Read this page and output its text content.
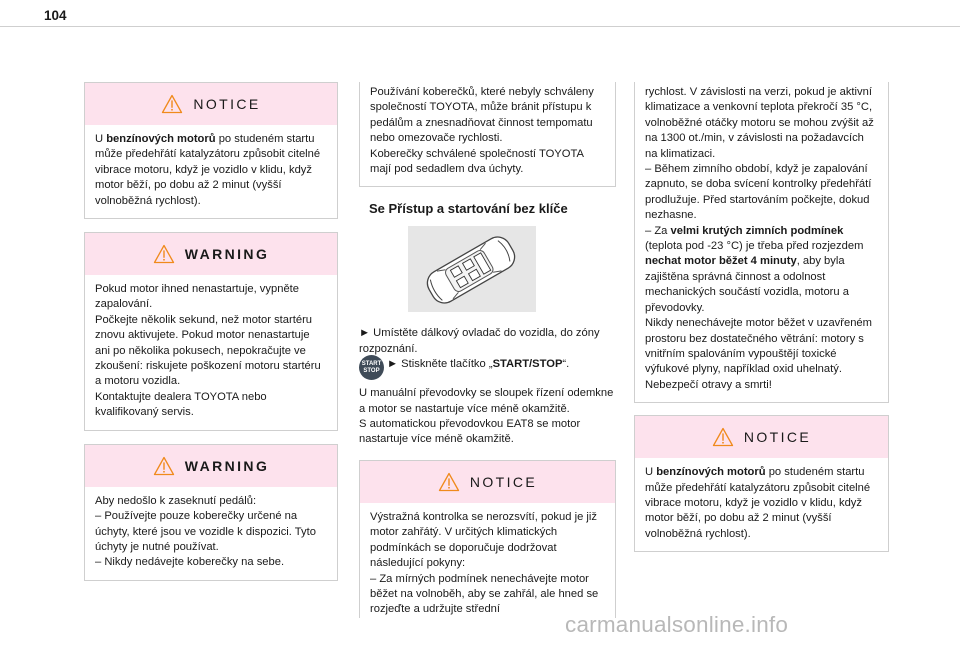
104
NOTICE

U benzínových motorů po studeném startu může předehřátí katalyzátoru způsobit citelné vibrace motoru, když je vozidlo v klidu, když motor běží, po dobu až 2 minut (vyšší volnoběžná rychlost).

WARNING

Pokud motor ihned nenastartuje, vypněte zapalování.

Počkejte několik sekund, než motor startéru znovu aktivujete. Pokud motor nenastartuje ani po několika pokusech, nepokračujte ve zkoušení: riskujete poškození motoru startéru a motoru vozidla.

Kontaktujte dealera TOYOTA nebo kvalifikovaný servis.

WARNING

Aby nedošlo k zaseknutí pedálů:

– Používejte pouze koberečky určené na úchyty, které jsou ve vozidle k dispozici. Tyto úchyty je nutné používat.

– Nikdy nedávejte koberečky na sebe.

Používání koberečků, které nebyly schváleny společností TOYOTA, může bránit přístupu k pedálům a znesnadňovat činnost tempomatu nebo omezovače rychlosti.

Koberečky schválené společností TOYOTA mají pod sedadlem dva úchyty.

Se Přístup a startování bez klíče

► Umístěte dálkový ovladač do vozidla, do zóny rozpoznání.

START
STOP

► Stiskněte tlačítko „START/STOP“.

U manuální převodovky se sloupek řízení odemkne a motor se nastartuje více méně okamžitě.

S automatickou převodovkou EAT8 se motor nastartuje více méně okamžitě.

NOTICE

Výstražná kontrolka se nerozsvítí, pokud je již motor zahřátý. V určitých klimatických podmínkách se doporučuje dodržovat následující pokyny:

– Za mírných podmínek nenechávejte motor běžet na volnoběh, aby se zahřál, ale hned se rozjeďte a udržujte střední

rychlost. V závislosti na verzi, pokud je aktivní klimatizace a venkovní teplota překročí 35 °C, volnoběžné otáčky motoru se mohou zvýšit až na 1300 ot./min, v závislosti na požadavcích na klimatizaci.

– Během zimního období, když je zapalování zapnuto, se doba svícení kontrolky předehřátí prodlužuje. Před startováním počkejte, dokud nezhasne.

– Za velmi krutých zimních podmínek (teplota pod -23 °C) je třeba před rozjezdem nechat motor běžet 4 minuty, aby byla zajištěna správná činnost a odolnost mechanických součástí vozidla, motoru a převodovky.

Nikdy nenechávejte motor běžet v uzavřeném prostoru bez dostatečného větrání: motory s vnitřním spalováním vypouštějí toxické výfukové plyny, například oxid uhelnatý. Nebezpečí otravy a smrti!

NOTICE

U benzínových motorů po studeném startu může předehřátí katalyzátoru způsobit citelné vibrace motoru, když je vozidlo v klidu, když motor běží, po dobu až 2 minut (vyšší volnoběžná rychlost).

carmanualsonline.info
